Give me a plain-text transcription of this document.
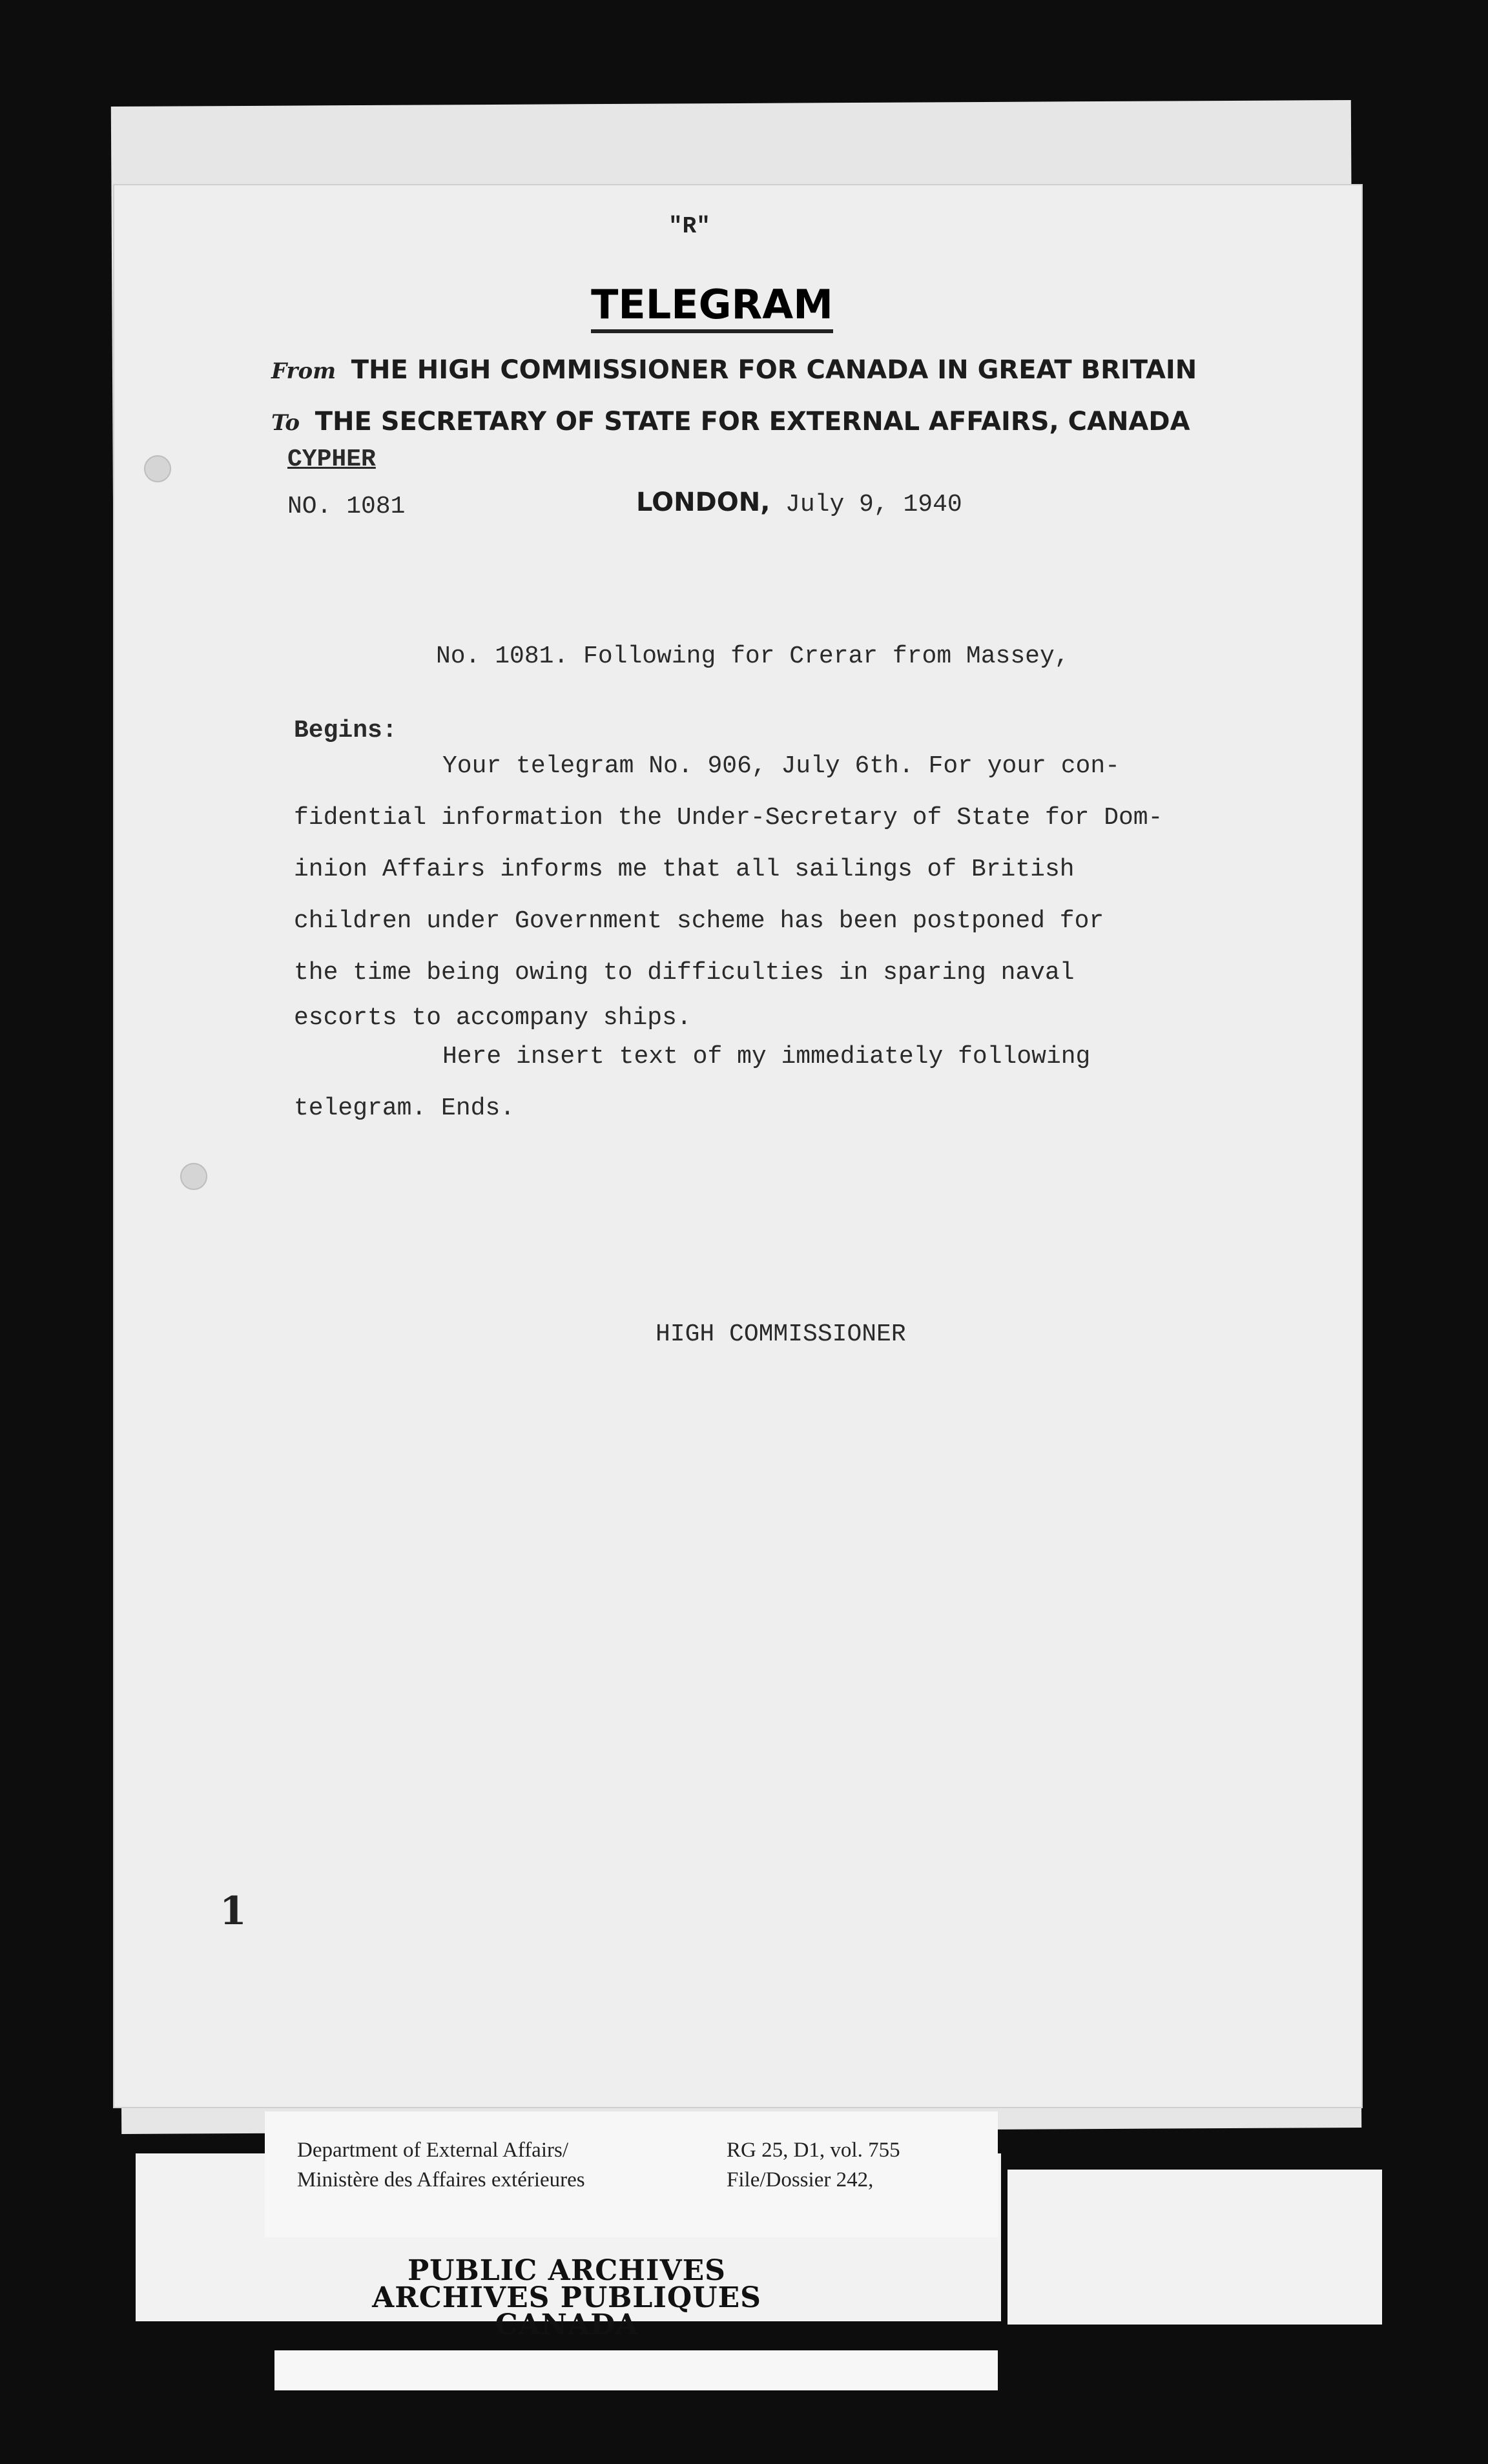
"R"
TELEGRAM
From THE HIGH COMMISSIONER FOR CANADA IN GREAT BRITAIN
To THE SECRETARY OF STATE FOR EXTERNAL AFFAIRS, CANADA
CYPHER
NO. 1081	LONDON, July 9, 1940
No. 1081. Following for Crerar from Massey,
Begins:
Your telegram No. 906, July 6th. For your con-
fidential information the Under-Secretary of State for Dom-
inion Affairs informs me that all sailings of British
children under Government scheme has been postponed for
the time being owing to difficulties in sparing naval
escorts to accompany ships.
Here insert text of my immediately following
telegram. Ends.
HIGH COMMISSIONER
1
Department of External Affairs/
Ministère des Affaires extérieures
RG 25, D1, vol. 755
File/Dossier 242,
PUBLIC ARCHIVES
ARCHIVES PUBLIQUES
CANADA
